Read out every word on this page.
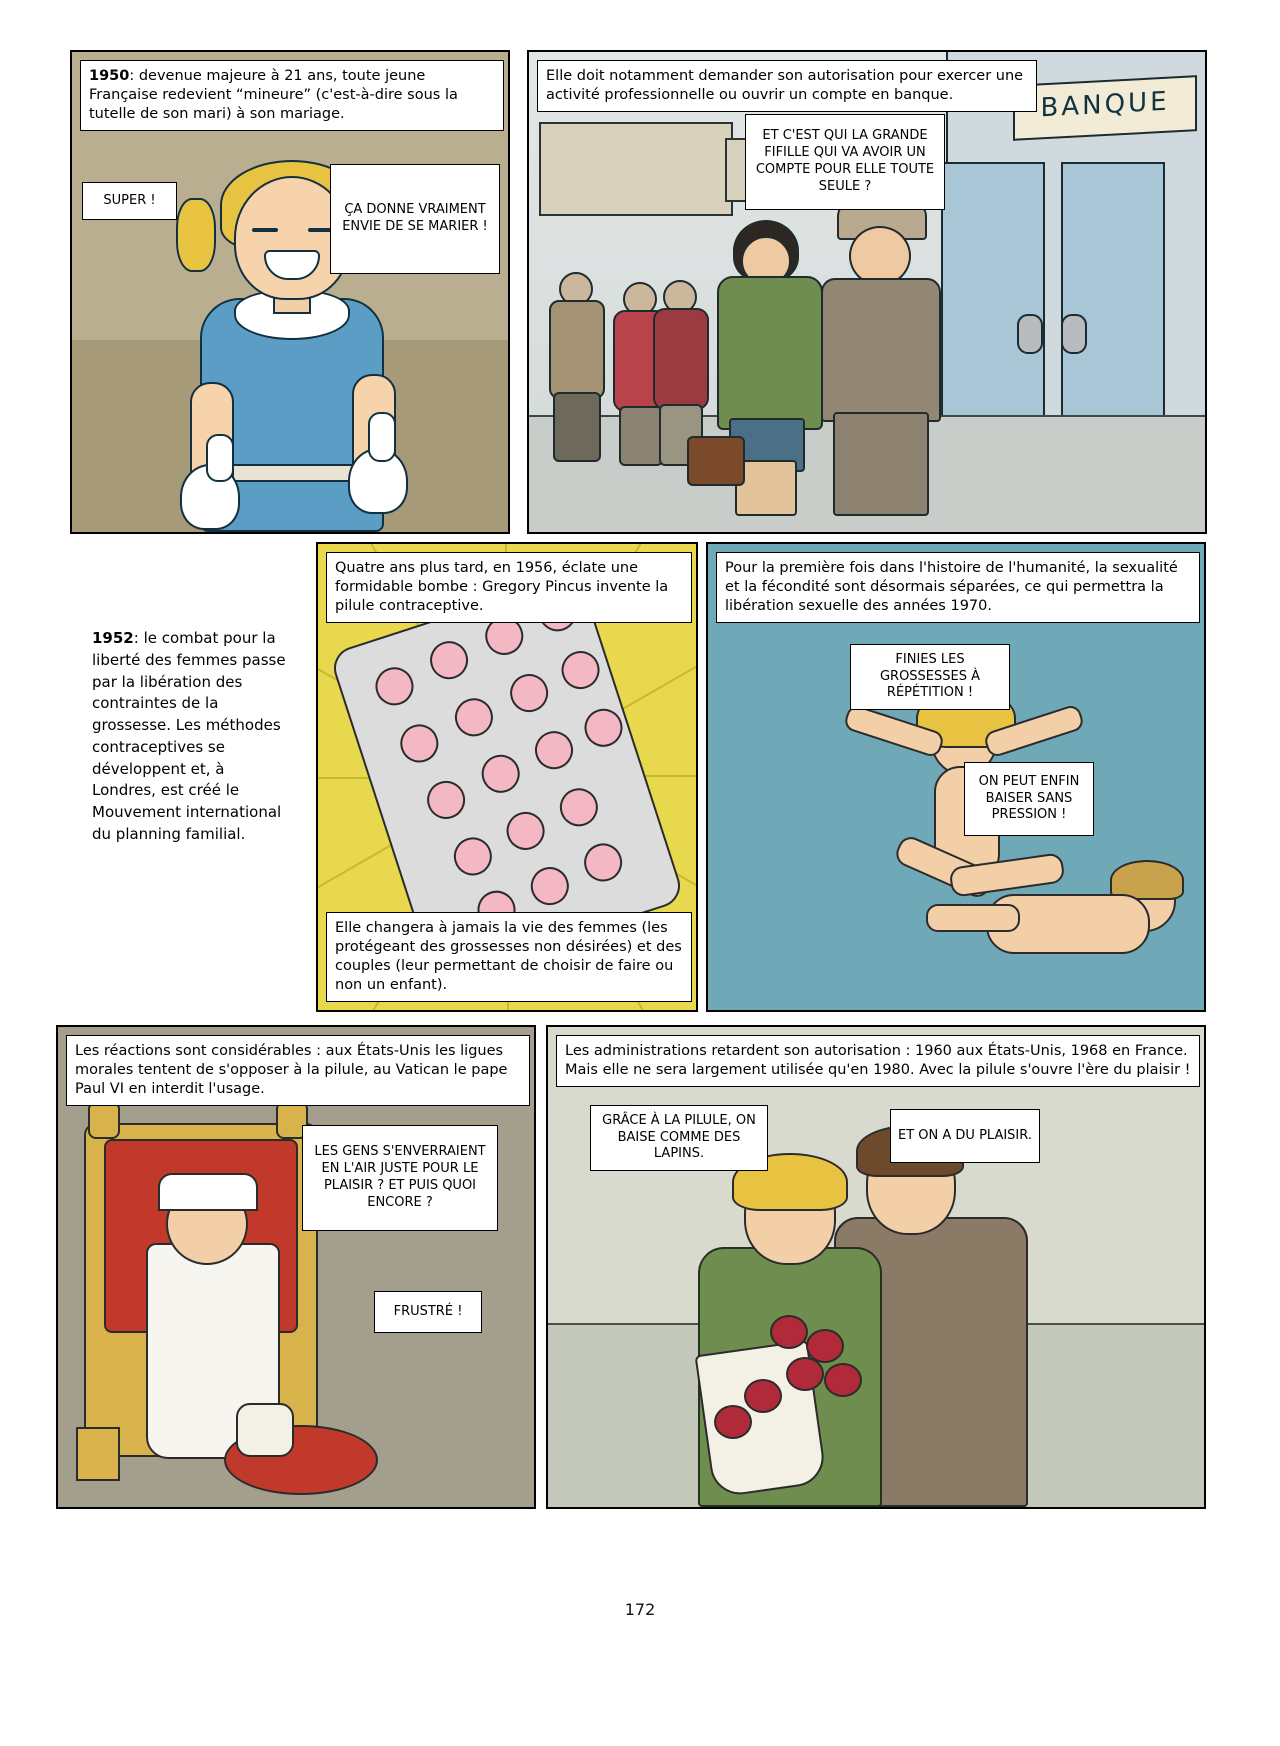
1950: devenue majeure à 21 ans, toute jeune Française redevient “mineure” (c'est-à-dire sous la tutelle de son mari) à son mariage.
SUPER !
ÇA DONNE VRAIMENT ENVIE DE SE MARIER !
BANQUE
Elle doit notamment demander son autorisation pour exercer une activité professionnelle ou ouvrir un compte en banque.
ET C'EST QUI LA GRANDE FIFILLE QUI VA AVOIR UN COMPTE POUR ELLE TOUTE SEULE ?
1952: le combat pour la liberté des femmes passe par la libération des contraintes de la grossesse. Les méthodes contraceptives se développent et, à Londres, est créé le Mouvement international du planning familial.
Quatre ans plus tard, en 1956, éclate une formidable bombe : Gregory Pincus invente la pilule contraceptive.
Elle changera à jamais la vie des femmes (les protégeant des grossesses non désirées) et des couples (leur permettant de choisir de faire ou non un enfant).
Pour la première fois dans l'histoire de l'humanité, la sexualité et la fécondité sont désormais séparées, ce qui permettra la libération sexuelle des années 1970.
FINIES LES GROSSESSES À RÉPÉTITION !
ON PEUT ENFIN BAISER SANS PRESSION !
Les réactions sont considérables : aux États-Unis les ligues morales tentent de s'opposer à la pilule, au Vatican le pape Paul VI en interdit l'usage.
LES GENS S'ENVERRAIENT EN L'AIR JUSTE POUR LE PLAISIR ? ET PUIS QUOI ENCORE ?
FRUSTRÉ !
Les administrations retardent son autorisation : 1960 aux États-Unis, 1968 en France. Mais elle ne sera largement utilisée qu'en 1980. Avec la pilule s'ouvre l'ère du plaisir !
GRÂCE À LA PILULE, ON BAISE COMME DES LAPINS.
ET ON A DU PLAISIR.
172
